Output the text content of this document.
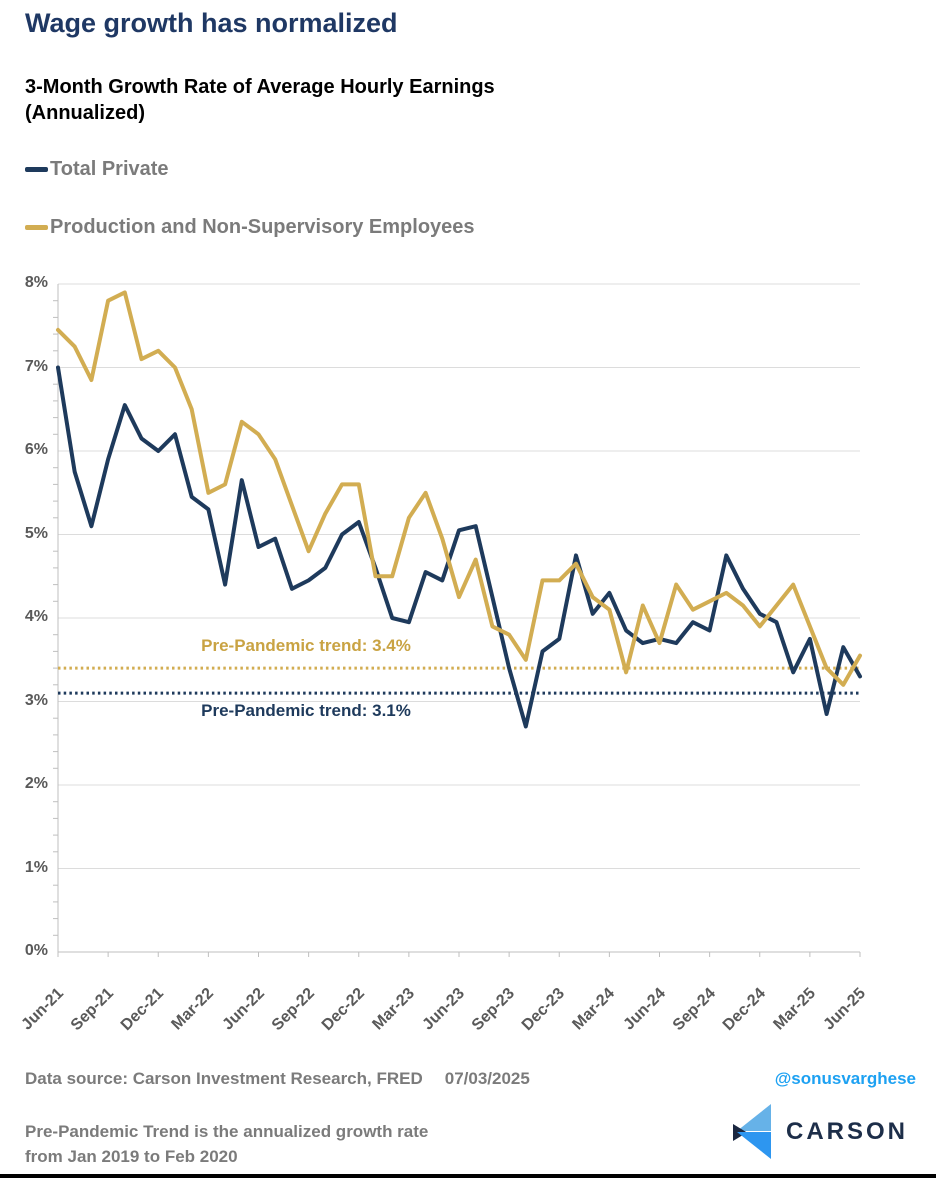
Wage growth has normalized
3-Month Growth Rate of Average Hourly Earnings (Annualized)
Total Private
Production and Non-Supervisory Employees
8%
7%
6%
5%
4%
3%
2%
1%
0%
Jun-21 Sep-21 Dec-21 Mar-22 Jun-22 Sep-22 Dec-22 Mar-23 Jun-23 Sep-23 Dec-23 Mar-24 Jun-24 Sep-24 Dec-24 Mar-25 Jun-25
Pre-Pandemic trend: 3.4%
Pre-Pandemic trend: 3.1%
Data source: Carson Investment Research, FRED 07/03/2025	@sonusvarghese
Pre-Pandemic Trend is the annualized growth rate
from Jan 2019 to Feb 2020
CARSON
